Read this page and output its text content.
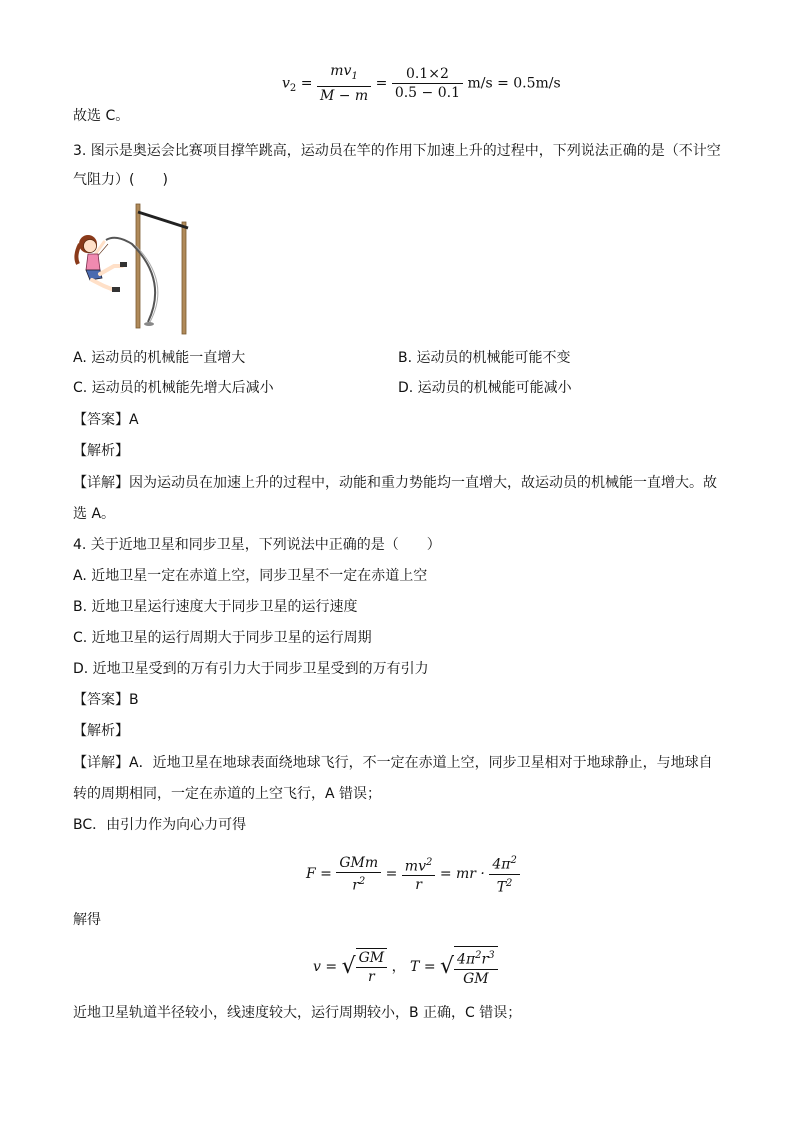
$v_2 = \frac{mv_1}{M - m} = \frac{0.1\times 2}{0.5 - 0.1} m/s = 0.5m/s$
故选 C。
3. 图示是奥运会比赛项目撑竿跳高，运动员在竿的作用下加速上升的过程中，下列说法正确的是（不计空
气阻力）(　　)
A. 运动员的机械能一直增大	B. 运动员的机械能可能不变
C. 运动员的机械能先增大后减小	D. 运动员的机械能可能减小
【答案】A
【解析】
【详解】因为运动员在加速上升的过程中，动能和重力势能均一直增大，故运动员的机械能一直增大。故
选 A。
4. 关于近地卫星和同步卫星，下列说法中正确的是（　　）
A. 近地卫星一定在赤道上空，同步卫星不一定在赤道上空
B. 近地卫星运行速度大于同步卫星的运行速度
C. 近地卫星的运行周期大于同步卫星的运行周期
D. 近地卫星受到的万有引力大于同步卫星受到的万有引力
【答案】B
【解析】
【详解】A．近地卫星在地球表面绕地球飞行，不一定在赤道上空，同步卫星相对于地球静止，与地球自
转的周期相同，一定在赤道的上空飞行，A 错误；
BC．由引力作为向心力可得
$F = \frac{\text{GMm}}{r^2} = \frac{mv^2}{r}$ = mr · $\frac{4\pi^2}{T^2}$
解得
v = √ $\frac{GM}{r}$ ， T = √ $\frac{4\pi^2r^3}{GM}$
近地卫星轨道半径较小，线速度较大，运行周期较小，B 正确，C 错误；
